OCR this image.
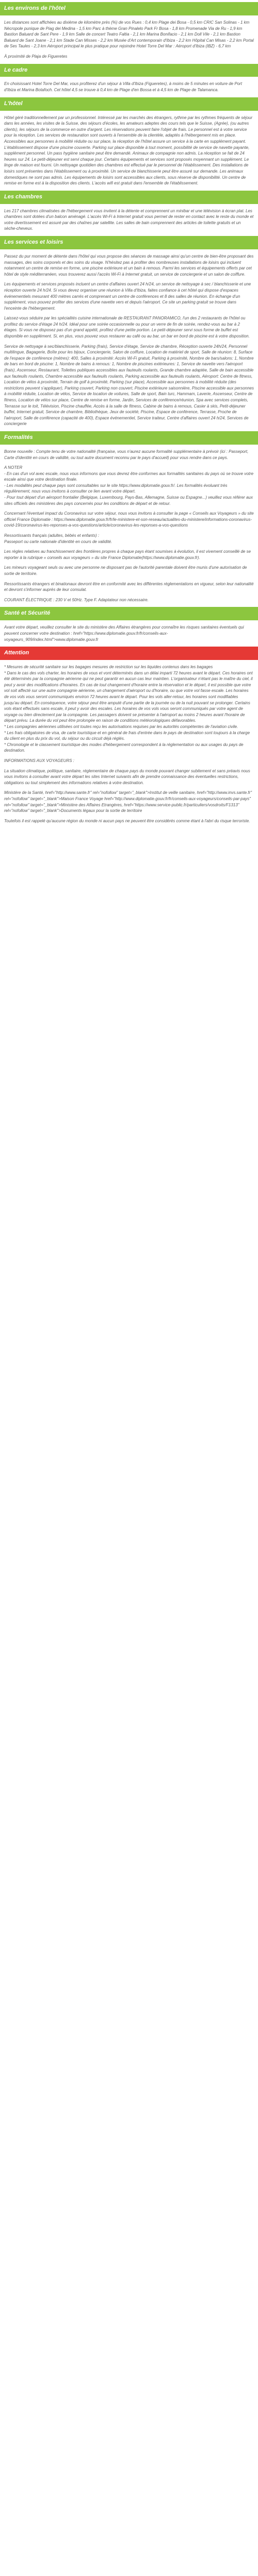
Les environs de l'hôtel
Les distances sont affichées au dixième de kilomètre près (%) de vos Rues : 0,4 km Plage dei Bosa - 0,5 km CRIC San Solinas - 1 km Nécropole punique de Piag dei Medina - 1,5 km Parc à thème Gran Pinalelo Park Fr Bosa - 1,8 km Promenade Via de Ru - 1,9 km Bastion Baluard de Sant Pere - 1,9 km Salle de concert Teatro Faltia - 2,1 km Marina Bonifacio - 2,1 km Doll Vile - 2,1 km Bastion Baluard de Sant Joane - 2,1 km Stade Can Misses - 2,2 km Musée d'Art contemporain d'Ibiza - 2,2 km Hôpital Can Misas - 2,2 km Portal de Ses Taules - 2,3 km Aéroport principal le plus pratique pour rejoindre Hotel Torre Del Mar : Aéroport d'Ibiza (IBZ) - 6,7 km
À proximité de Plaja de Figueretes
Le cadre
En choisissant Hotel Torre Del Mar, vous profiterez d'un séjour à Villa d'Ibiza (Figueretes), à moins de 5 minutes en voiture de Port d'Ibiza et Marina Botafoch. Cet hôtel 4,5 se trouve à 0,4 km de Plage d'en Bossa et à 4,5 km de Plage de Talamanca.
L'hôtel
Hôtel géré traditionnellement par un professionnel. Intéressé par les marchés des étrangers, rythme par les rythmes fréquents de séjour dans les années, les visites de la Suisse, des séjours d'écoles, les amateurs adeptes des cours tels que le Suisse, (Agrée), (ou autres clients), les séjours de la commerce en outre d'argent. Les réservations peuvent faire l'objet de frais. Le personnel est à votre service pour la réception. Les services de restauration sont ouverts à l'ensemble de la clientèle, adaptés à l'hébergement mis en place. Accessibles aux personnes à mobilité réduite ou sur place, la réception de l'hôtel assure un service à la carte en supplément payant. L'établissement dispose d'une piscine couverte. Parking sur place disponible à tout moment, possibilité de service de navette payante, supplément personnel. Un pass hygiène sanitaire peut être demandé. Animaux de compagnie non admis. La réception se fait de 24 heures sur 24. Le petit-déjeuner est servi chaque jour. Certains équipements et services sont proposés moyennant un supplément. Le linge de maison est fourni. Un nettoyage quotidien des chambres est effectué par le personnel de l'établissement. Des installations de loisirs sont présentes dans l'établissement ou à proximité. Un service de blanchisserie peut être assuré sur demande. Les animaux domestiques ne sont pas admis. Les équipements de loisirs sont accessibles aux clients, sous réserve de disponibilité. Un centre de remise en forme est à la disposition des clients. L'accès wifi est gratuit dans l'ensemble de l'établissement.
Les chambres
Les 217 chambres climatisées de l'hébergement vous invitent à la détente et comprennent un minibar et une télévision à écran plat. Les chambres sont dotées d'un balcon aménagé. L'accès Wi-Fi à Internet gratuit vous permet de rester en contact avec le reste du monde et votre divertissement est assuré par des chaînes par satellite. Les salles de bain comprennent des articles de toilette gratuits et un sèche-cheveux.
Les services et loisirs
Passez du pur moment de détente dans l'hôtel qui vous propose des séances de massage ainsi qu'un centre de bien-être proposant des massages, des soins corporels et des soins du visage. N'hésitez pas à profiter des nombreuses installations de loisirs qui incluent notamment un centre de remise en forme, une piscine extérieure et un bain à remous. Parmi les services et équipements offerts par cet hôtel de style méditerranéen, vous trouverez aussi l'accès Wi-Fi à Internet gratuit, un service de conciergerie et un salon de coiffure.
Les équipements et services proposés incluent un centre d'affaires ouvert 24 h/24, un service de nettoyage à sec / blanchisserie et une réception ouverte 24 h/24. Si vous devez organiser une réunion à Villa d'Ibiza, faites confiance à cet hôtel qui dispose d'espaces événementiels mesurant 400 mètres carrés et comprenant un centre de conférences et 8 des salles de réunion. En échange d'un supplément, vous pouvez profiter des services d'une navette vers et depuis l'aéroport. Ce site un parking gratuit se trouve dans l'enceinte de l'hébergement.
Laissez-vous séduire par les spécialités cuisine internationale de RESTAURANT PANORAMICO, l'un des 2 restaurants de l'hôtel ou profitez du service d'étage 24 h/24. Idéal pour une soirée occasionnelle ou pour un verre de fin de soirée, rendez-vous au bar à 2 étages. Si vous ne disposez pas d'un grand appétit, profitez d'une petite portion. Le petit-déjeuner servi sous forme de buffet est disponible en supplément. Si, en plus, vous pouvez vous restaurer au café ou au bar, un bar en bord de piscine est à votre disposition.
Service de nettoyage à sec/blanchisserie, Parking (frais), Service d'étage, Service de chambre, Réception ouverte 24h/24, Personnel multilingue, Bagagerie, Boîte pour les bijoux, Conciergerie, Salon de coiffure, Location de matériel de sport, Salle de réunion: 8, Surface de l'espace de conférence (mètres): 400, Salles à proximité: Accès Wi-Fi gratuit, Parking à proximité, Nombre de bars/salons: 1, Nombre de bars en bord de piscine: 1, Nombre de bains à remous: 1, Nombre de piscines extérieures: 1, Service de navette vers l'aéroport (frais), Ascenseur, Restaurant, Toilettes publiques accessibles aux fauteuils roulants, Grande chambre adaptée, Salle de bain accessible aux fauteuils roulants, Chambre accessible aux fauteuils roulants, Parking accessible aux fauteuils roulants, Aéroport: Centre de fitness, Location de vélos à proximité, Terrain de golf à proximité, Parking (sur place), Accessible aux personnes à mobilité réduite (des restrictions peuvent s'appliquer), Parking couvert, Parking non couvert, Piscine extérieure saisonnière, Piscine accessible aux personnes à mobilité réduite, Location de vélos, Service de location de voitures, Salle de sport, Bain turc, Hammam, Laverie, Ascenseur, Centre de fitness, Location de vélos sur place, Centre de remise en forme, Jardin, Services de conférence/réunion, Spa avec services complets, Terrasse sur le toit, Télévision, Piscine chauffée, Accès à la salle de fitness, Cabine de bains à remous, Casier à skis, Petit-déjeuner buffet, Internet gratuit, Service de chambre, Bibliothèque, Jeux de société, Piscine, Espace de conférence, Terrasse, Proche de l'aéroport, Salle de conférence (capacité de 400), Espace événementiel, Service traiteur, Centre d'affaires ouvert 24 h/24, Services de conciergerie
Formalités
Bonne nouvelle : Compte tenu de votre nationalité (française, vous n'aurez aucune formalité supplémentaire à prévoir (ici : Passeport, Carte d'identité en cours de validité, ou tout autre document reconnu par le pays d'accueil) pour vous rendre dans ce pays.
A NOTER
- En cas d'un vol avec escale, nous vous informons que vous devrez être conformes aux formalités sanitaires du pays où se trouve votre escale ainsi que votre destination finale.
- Les modalités peut chaque pays sont consultables sur le site https://www.diplomatie.gouv.fr/. Les formalités évoluant très régulièrement, nous vous invitons à consulter ce lien avant votre départ.
- Pour tout départ d'un aéroport frontalier (Belgique, Luxembourg, Pays-Bas, Allemagne, Suisse ou Espagne...) veuillez vous référer aux sites officiels des ministères des pays concernés pour les conditions de départ et de retour.
Concernant l'éventuel impact du Coronavirus sur votre séjour, nous vous invitons à consulter la page « Conseils aux Voyageurs » du site officiel France Diplomatie : https://www.diplomatie.gouv.fr/fr/le-ministere-et-son-reseau/actualites-du-ministere/informations-coronavirus-covid-19/coronavirus-les-reponses-a-vos-questions/article/coronavirus-les-reponses-a-vos-questions
Ressortissants français (adultes, bébés et enfants) :
Passeport ou carte nationale d'identité en cours de validité.
Les règles relatives au franchissement des frontières propres à chaque pays étant soumises à évolution, il est vivement conseillé de se reporter à la rubrique « conseils aux voyageurs » du site France Diplomatie(https://www.diplomatie.gouv.fr).
Les mineurs voyageant seuls ou avec une personne ne disposant pas de l'autorité parentale doivent être munis d'une autorisation de sortie de territoire.
Ressortissants étrangers et binationaux devront être en conformité avec les différentes réglementations en vigueur, selon leur nationalité et devront s'informer auprès de leur consulat.
COURANT ÉLECTRIQUE : 230 V et 50Hz. Type F. Adaptateur non nécessaire.
Santé et Sécurité
Avant votre départ, veuillez consulter le site du ministère des Affaires étrangères pour connaître les risques sanitaires éventuels qui peuvent concerner votre destination : href="https://www.diplomatie.gouv.fr/fr/conseils-aux-voyageurs_909/index.html">www.diplomatie.gouv.fr
Attention
* Mesures de sécurité sanitaire sur les bagages mesures de restriction sur les liquides contenus dans les bagages
* Dans le cas des vols charter, les horaires de vous et vont déterminés dans un délai imparti 72 heures avant le départ. Ces horaires ont été déterminés par la compagnie aérienne qui ne peut garantir en aucun cas leur maintien. L'organisateur n'étant pas le maître du ciel, il peut y avoir des modifications d'horaires. En cas de tout changement d'horaire entre la réservation et le départ, il est possible que votre vol soit affecté sur une autre compagnie aérienne, un changement d'aéroport ou d'horaire, ou que votre vol fasse escale. Les horaires de vos vols vous seront communiqués environ 72 heures avant le départ. Pour les vols aller-retour, les horaires sont modifiables jusqu'au départ. En conséquence, votre séjour peut être amputé d'une partie de la journée ou de la nuit pouvant se prolonger. Certains vols étant effectués sans escale, il peut y avoir des escales. Les horaires de vos vols vous seront communiqués par votre agent de voyage ou bien directement par la compagnie. Les passagers doivent se présenter à l'aéroport au moins 2 heures avant l'horaire de départ prévu. La durée du vol peut être prolongée en raison de conditions météorologiques défavorables.
* Les compagnies aériennes utilisées ont toutes reçu les autorisations requises par les autorités compétentes de l'aviation civile.
* Les frais obligatoires de visa, de carte touristique et en général de frais d'entrée dans le pays de destination sont toujours à la charge du client en plus du prix du vol, du séjour ou du circuit déjà réglés.
* Chronologie et le classement touristique des modes d'hébergement correspondent à la réglementation ou aux usages du pays de destination.
INFORMATIONS AUX VOYAGEURS :
La situation climatique, politique, sanitaire, réglementaire de chaque pays du monde pouvant changer subitement et sans préavis nous vous invitons à consulter avant votre départ les sites Internet suivants afin de prendre connaissance des éventuelles restrictions, obligations ou tout simplement des informations relatives à votre destination.
Ministère de la Santé, href="http://www.sante.fr" rel="nofollow" target="_blank">Institut de veille sanitaire, href="http://www.invs.sante.fr" rel="nofollow" target="_blank">Maison France Voyage href="http://www.diplomatie.gouv.fr/fr/conseils-aux-voyageurs/conseils-par-pays" rel="nofollow" target="_blank">Ministère des Affaires Etrangères, href="https://www.service-public.fr/particuliers/vosdroits/F1313" rel="nofollow" target="_blank">Documents légaux pour la sortie de territoire
Toutefois il est rappelé qu'aucune région du monde ni aucun pays ne peuvent être considérés comme étant à l'abri du risque terroriste.
